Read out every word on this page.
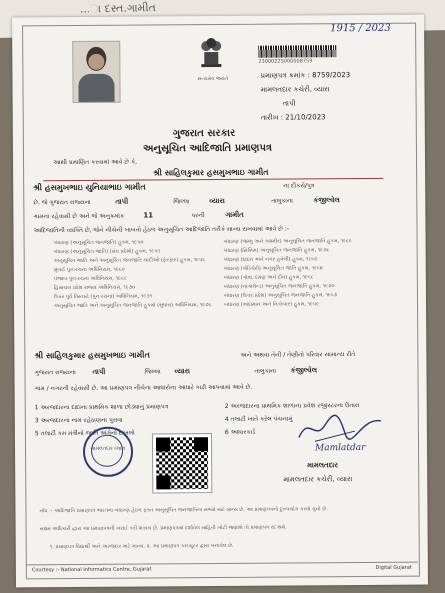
...ા દસ્ત.ગામીત
સત્યમેવ જયતે
1915 / 2023
23000225000008759
પ્રમાણપત્ર ક્રમાંક : 8759/2023
મામલતદાર કચેરી, વ્યારા
તાપી
તારીખ : 21/10/2023
ગુજરાત સરકાર
અનુસૂચિત આદિજાતિ પ્રમાણપત્ર
આથી પ્રમાણિત કરવામાં આવે છે કે,
શ્રી સાહિલકુમાર હસમુખભાઇ ગામીત
શ્રી હસમુખભાઇ યુનિયાભાઇ ગામીત	ના દીકરો/પુત્ર
છે. જે ગુજરાત રાજ્યના	તાપી	જિલ્લા	વ્યારા	તાલુકાના	કંજીલ્વેલ
ગામના રહેવાસી છે અને જે અનુક્રમાંક	11	પરની	ગામીત
આદિજાતિની વ્યક્તિ છે, જેને નીચેની બાબતો હેઠળ અનુસૂચિત આદિજાતિ તરીકે માન્ય રાખવામાં આવે છે :-
બંધારણ (અનુસૂચિત જનજાતિ) હુકમ, ૧૯૫૦
બંધારણ (અનુસૂચિત જાતિ) (સંઘ પ્રદેશો) હુકમ, ૧૯૫૧
અનુસૂચિત જાતિ અને અનુસૂચિત જનજાતિ યાદીઓ (ફેરફાર) હુકમ, ૧૯૫૬
મુંબઈ પુનઃરચના અધિનિયમ, ૧૯૬૦
પંજાબ પુનઃરચના અધિનિયમ, ૧૯૬૬
હિમાચલ પ્રદેશ રાજ્ય અધિનિયમ, ૧૯૭૦
ઉત્તર પૂર્વ વિસ્તારો (પુનઃરચના) અધિનિયમ, ૧૯૭૧
અનુસૂચિત જાતિ અને અનુસૂચિત જનજાતિ હુકમો (સુધારા) અધિનિયમ, ૧૯૭૬
બંધારણ (જમ્મુ અને કાશ્મીર) અનુસૂચિત જનજાતિ હુકમ, ૧૯૮૯
બંધારણ (સિક્કિમ) અનુસૂચિત જનજાતિ હુકમ, ૧૯૭૮
બંધારણ (દાદરા અને નગર હવેલી) હુકમ, ૧૯૬૨
બંધારણ (પોંડિચેરી) અનુસૂચિત જાતિ હુકમ, ૧૯૬૪
બંધારણ (ગોવા, દમણ અને દીવ) હુકમ, ૧૯૬૮
બંધારણ (નાગાલેન્ડ) અનુસૂચિત જનજાતિ હુકમ, ૧૯૭૦
બંધારણ (ઉત્તર પ્રદેશ) અનુસૂચિત જનજાતિ હુકમ, ૧૯૬૭
બંધારણ (અંદામાન અને નિકોબાર) હુકમ, ૧૯૫૯
શ્રી સાહિલકુમાર હસમુખભાઇ ગામીત	અને અથવા તેની / તેણીનો પરિવાર સામાન્ય રીતે
ગુજરાત રાજ્યના તાપી	જિલ્લા વ્યારા	તાલુકાના કંજીલ્વેલ
ગામ / નગરની રહેવાસી છે. આ પ્રમાણપત્ર નીચેના આધારોના આધારે કાઢી આપવામાં આવે છે.
1 અરજદારના દાદાના પ્રાથમિક શાળા છોડ્યાનું પ્રમાણપત્ર
3 અરજદારના નામ રહેઠાણના પુરાવા
5 તલાટી કમ મંત્રીનો જાતિ અંગેનો દાખલો
2 અરજદારના પ્રાથમિક શાળાના પ્રવેશ રજીસ્ટરના ઉતારા
4 તલાટી ખાતે કરેલ પંચનામું
6 આધારકાર્ડ
મામલતદાર વ્યારા	Mamlatdar
મામલતદાર
મામલતદાર કચેરી, વ્યારા
નોંધ :- આદિજાતિ પ્રમાણપત્ર ભારતના બંધારણ હેઠળ ફક્ત અનુસૂચિત જનજાતિના સભ્યો માટે માન્ય છે. આ પ્રમાણપત્રનો દુરુપયોગ કરવો ગુનો છે.
સક્ષમ અધિકારી દ્વારા આ પ્રમાણપત્રની ખરાઈ કરી શકાય છે. પ્રમાણપત્રમાં દર્શાવેલ માહિતી ખોટી જણાશે તો પ્રમાણપત્ર રદ થશે.
૧. પ્રમાણપત્ર વિદ્યાર્થી અને અરજદાર માટે માન્ય. ૨. આ પ્રમાણપત્ર કમ્પ્યુટર દ્વારા બનાવેલ છે.
Courtesy :- National Informatics Centre, Gujarat	Digital Gujarat
